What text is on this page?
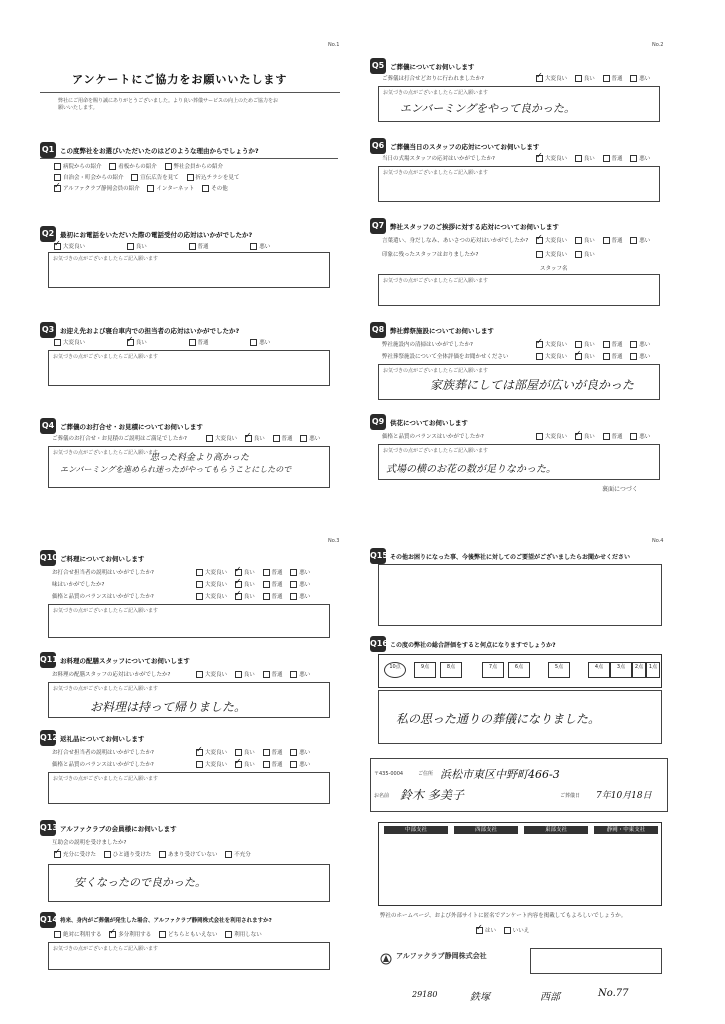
No.1
アンケートにご協力をお願いいたします
弊社にご用命を賜り誠にありがとうございました。より良い葬儀サービスの向上のためご協力をお願いいたします。
Q1 この度弊社をお選びいただいたのはどのような理由からでしょうか?
病院からの紹介	看板からの紹介	弊社会員からの紹介
自治会・町会からの紹介	宣伝広告を見て	折込チラシを見て
✓アルファクラブ静岡会員の紹介	インターネット	その他
Q2 最初にお電話をいただいた際の電話受付の応対はいかがでしたか?
✓大変良い	良い	普通	悪い
お気づきの点がございましたらご記入願います
Q3 お迎え先および寝台車内での担当者の応対はいかがでしたか?
大変良い ✓	良い	普通	悪い
お気づきの点がございましたらご記入願います
Q4 ご葬儀のお打合せ・お見積についてお伺いします
ご葬儀のお打合せ・お見積のご説明はご満足でしたか?	大変良い ✓	良い	普通	悪い
お気づきの点がございましたらご記入願います
思った料金より高かった
エンバーミングを進められ迷ったがやってもらうことにしたので
No.2
Q5 ご葬儀についてお伺いします
ご葬儀は打合せどおりに行われましたか? ✓	大変良い	良い	普通	悪い
お気づきの点がございましたらご記入願います
エンバーミングをやって良かった。
Q6 ご葬儀当日のスタッフの応対についてお伺いします
当日の式場スタッフの応対はいかがでしたか? ✓	大変良い	良い	普通	悪い
お気づきの点がございましたらご記入願います
Q7 弊社スタッフのご挨拶に対する応対についてお伺いします
言葉遣い、身だしなみ、あいさつの応対はいかがでしたか? ✓	大変良い	良い	普通	悪い
印象に残ったスタッフはおりましたか?	大変良い	良い
スタッフ名
お気づきの点がございましたらご記入願います
Q8 弊社葬祭施設についてお伺いします
弊社施設内の清掃はいかがでしたか? ✓	大変良い	良い	普通	悪い
弊社葬祭施設について全体評価をお聞かせください	大変良い ✓	良い	普通	悪い
お気づきの点がございましたらご記入願います
家族葬にしては部屋が広いが良かった
Q9 供花についてお伺いします
価格と品質のバランスはいかがでしたか?	大変良い ✓	良い	普通	悪い
お気づきの点がございましたらご記入願います
式場の横のお花の数が足りなかった。
裏面につづく
No.3
Q10 ご料理についてお伺いします
お打合せ担当者の説明はいかがでしたか?	大変良い ✓	良い	普通	悪い
味はいかがでしたか?	大変良い ✓	良い	普通	悪い
価格と品質のバランスはいかがでしたか?	大変良い ✓	良い	普通	悪い
お気づきの点がございましたらご記入願います
Q11 お料理の配膳スタッフについてお伺いします
お料理の配膳スタッフの応対はいかがでしたか?	大変良い	良い	普通	悪い
お気づきの点がございましたらご記入願います
お料理は持って帰りました。
Q12 返礼品についてお伺いします
お打合せ担当者の説明はいかがでしたか? ✓	大変良い	良い	普通	悪い
価格と品質のバランスはいかがでしたか?	大変良い ✓	良い	普通	悪い
お気づきの点がございましたらご記入願います
Q13 アルファクラブの会員様にお伺いします
互助会の説明を受けましたか?
✓充分に受けた	ひと通り受けた	あまり受けていない	不充分
安くなったので良かった。
Q14 将来、身内がご葬儀が発生した場合、アルファクラブ静岡株式会社を利用されますか?
絶対に利用する ✓	多分利用する	どちらともいえない	利用しない
お気づきの点がございましたらご記入願います
No.4
Q15 その他お困りになった事、今後弊社に対してのご要望がございましたらお聞かせください
Q16 この度の弊社の総合評価をすると何点になりますでしょうか?
10点	9点	8点	7点	6点	5点	4点	3点	2点	1点
私の思った通りの葬儀になりました。
〒435-0004	ご住所 浜松市東区中野町466-3
お名前 鈴木 多美子	ご葬儀日 7年10月18日
中部支社	西部支社	東部支社	静岡・中東支社
弊社のホームページ、および外部サイトに匿名でアンケート内容を掲載してもよろしいでしょうか。
✓はい	いいえ
アルファクラブ静岡株式会社
29180	鉄塚	西部	No.77
